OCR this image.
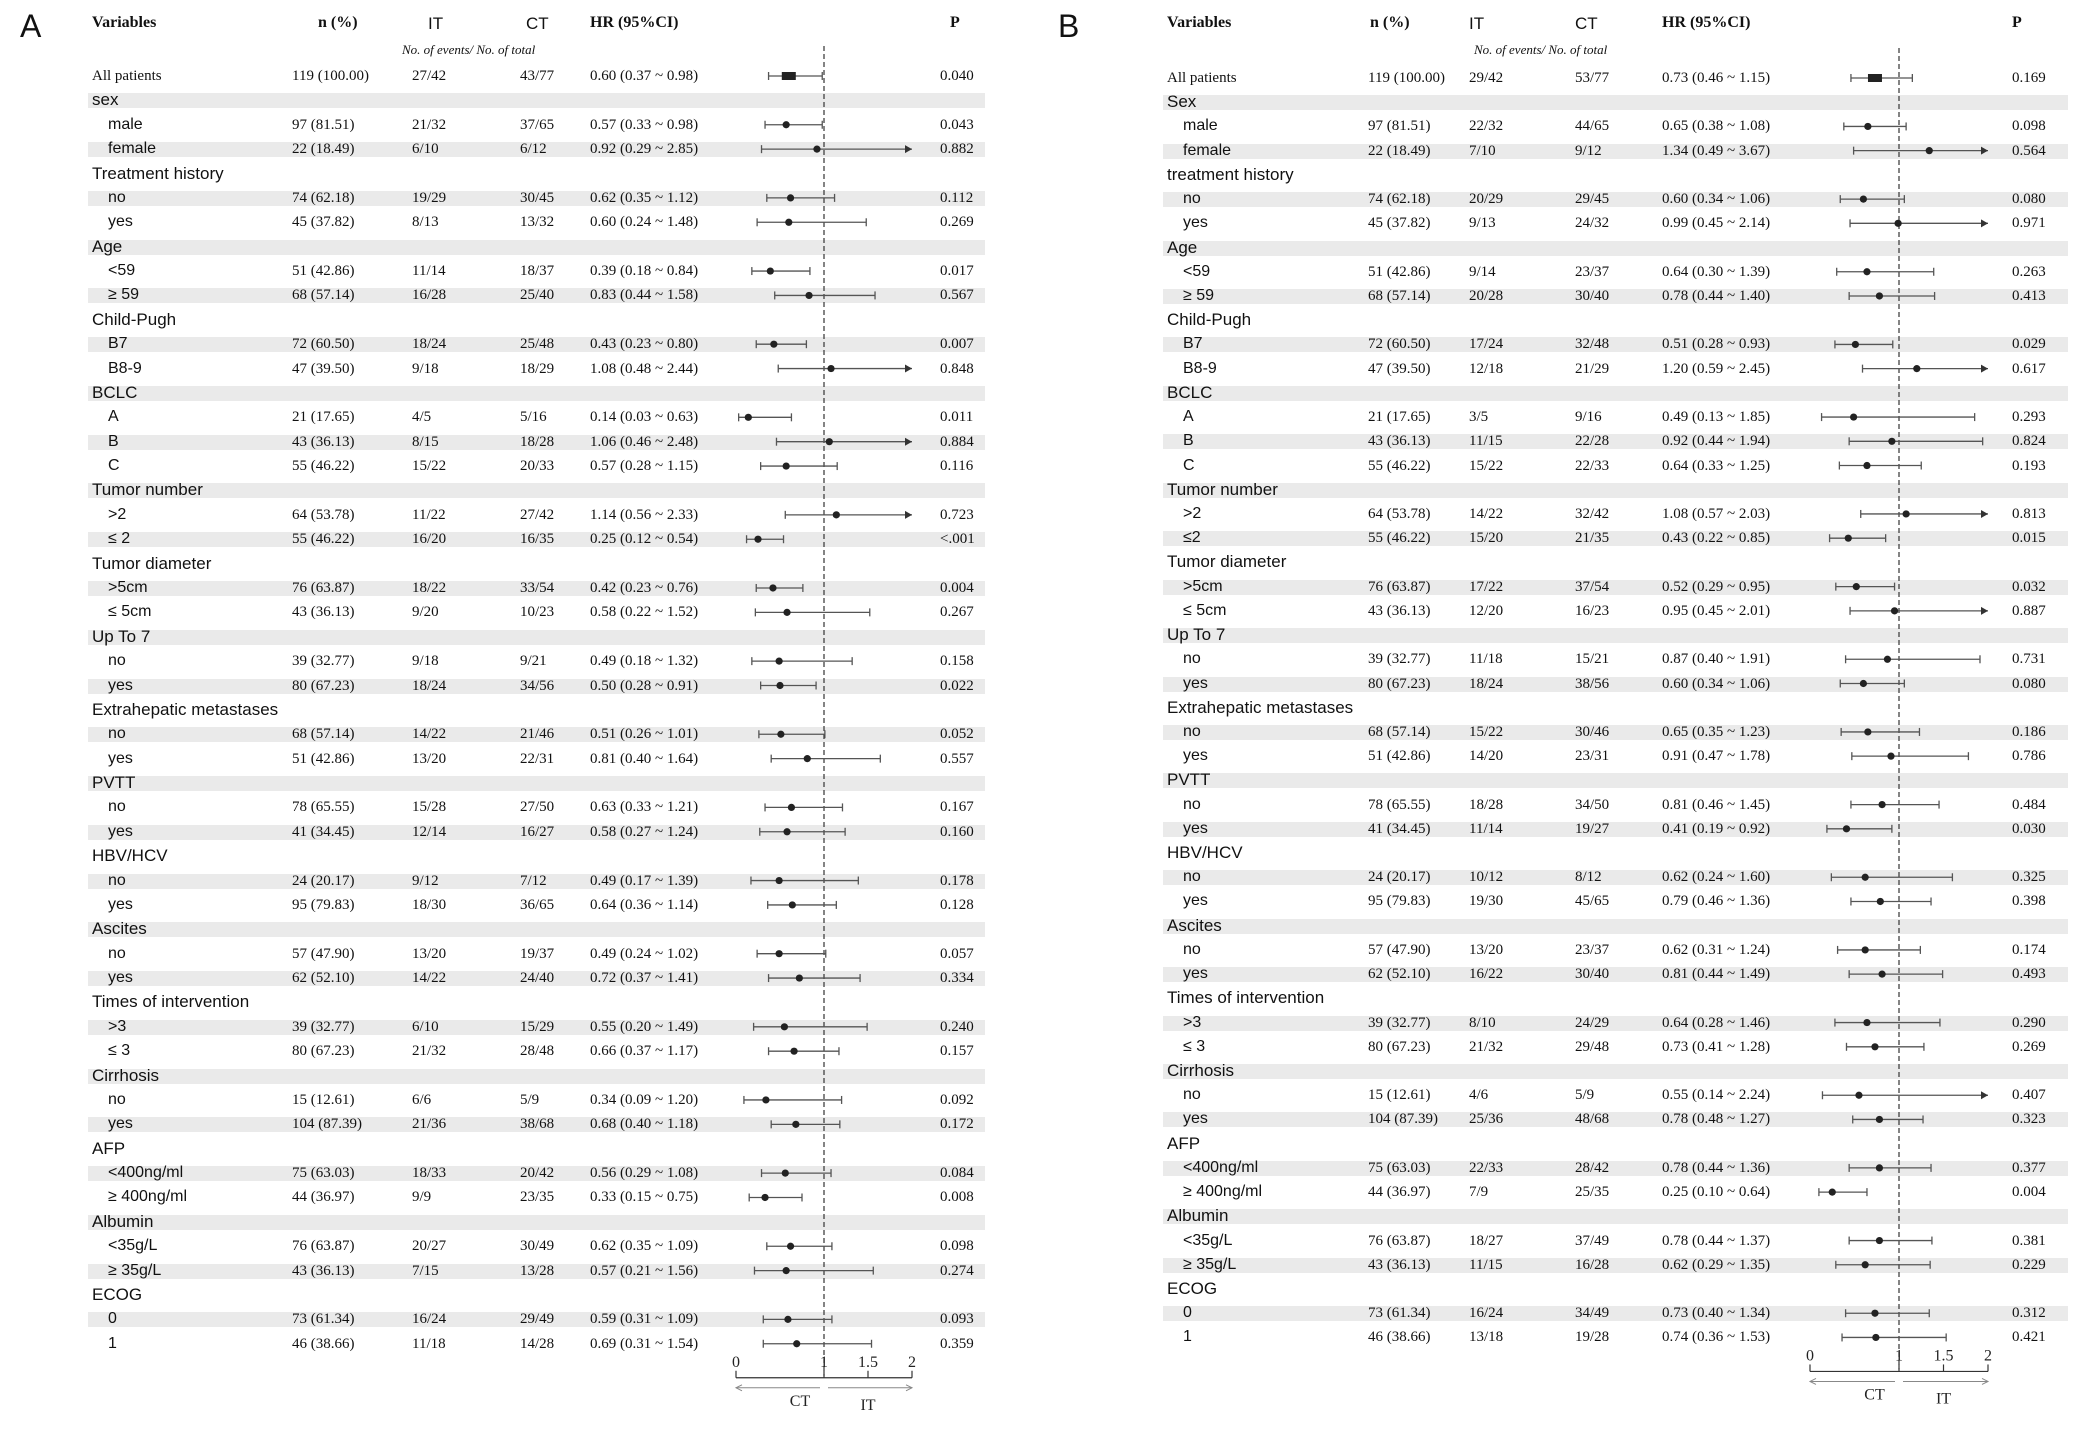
A	Variables	n (%)	IT	CT	HR (95%CI)	P
No. of events/ No. of total
All patients	119 (100.00)	27/42	43/77 0.60 (0.37 ~ 0.98)	0.040
sex
male	97 (81.51)	21/32	37/65 0.57 (0.33 ~ 0.98)	0.043
female	22 (18.49)	6/10	6/12	0.92 (0.29 ~ 2.85)	0.882
Treatment history
no	74 (62.18)	19/29	30/45 0.62 (0.35 ~ 1.12)	0.112
yes	45 (37.82)	8/13	13/32 0.60 (0.24 ~ 1.48)	0.269
Age
<59	51 (42.86)	11/14	18/37 0.39 (0.18 ~ 0.84)	0.017
≥ 59	68 (57.14)	16/28	25/40 0.83 (0.44 ~ 1.58)	0.567
Child-Pugh
B7	72 (60.50)	18/24	25/48 0.43 (0.23 ~ 0.80)	0.007
B8-9	47 (39.50)	9/18	18/29 1.08 (0.48 ~ 2.44)	0.848
BCLC
A	21 (17.65)	4/5	5/16	0.14 (0.03 ~ 0.63)	0.011
B	43 (36.13)	8/15	18/28 1.06 (0.46 ~ 2.48)	0.884
C	55 (46.22)	15/22	20/33 0.57 (0.28 ~ 1.15)	0.116
Tumor number
>2	64 (53.78)	11/22	27/42 1.14 (0.56 ~ 2.33)	0.723
≤ 2	55 (46.22)	16/20	16/35 0.25 (0.12 ~ 0.54)	<.001
Tumor diameter
>5cm	76 (63.87)	18/22	33/54 0.42 (0.23 ~ 0.76)	0.004
≤ 5cm	43 (36.13)	9/20	10/23 0.58 (0.22 ~ 1.52)	0.267
Up To 7
no	39 (32.77)	9/18	9/21	0.49 (0.18 ~ 1.32)	0.158
yes	80 (67.23)	18/24	34/56 0.50 (0.28 ~ 0.91)	0.022
Extrahepatic metastases
no	68 (57.14)	14/22	21/46 0.51 (0.26 ~ 1.01)	0.052
yes	51 (42.86)	13/20	22/31 0.81 (0.40 ~ 1.64)	0.557
PVTT
no	78 (65.55)	15/28	27/50 0.63 (0.33 ~ 1.21)	0.167
yes	41 (34.45)	12/14	16/27 0.58 (0.27 ~ 1.24)	0.160
HBV/HCV
no	24 (20.17)	9/12	7/12	0.49 (0.17 ~ 1.39)	0.178
yes	95 (79.83)	18/30	36/65 0.64 (0.36 ~ 1.14)	0.128
Ascites
no	57 (47.90)	13/20	19/37 0.49 (0.24 ~ 1.02)	0.057
yes	62 (52.10)	14/22	24/40 0.72 (0.37 ~ 1.41)	0.334
Times of intervention
>3	39 (32.77)	6/10	15/29 0.55 (0.20 ~ 1.49)	0.240
≤ 3	80 (67.23)	21/32	28/48 0.66 (0.37 ~ 1.17)	0.157
Cirrhosis
no	15 (12.61)	6/6	5/9	0.34 (0.09 ~ 1.20)	0.092
yes	104 (87.39)	21/36	38/68 0.68 (0.40 ~ 1.18)	0.172
AFP
<400ng/ml	75 (63.03)	18/33	20/42 0.56 (0.29 ~ 1.08)	0.084
≥ 400ng/ml	44 (36.97)	9/9	23/35 0.33 (0.15 ~ 0.75)	0.008
Albumin
<35g/L	76 (63.87)	20/27	30/49 0.62 (0.35 ~ 1.09)	0.098
≥ 35g/L	43 (36.13)	7/15	13/28 0.57 (0.21 ~ 1.56)	0.274
ECOG
0	73 (61.34)	16/24	29/49 0.59 (0.31 ~ 1.09)	0.093
1	46 (38.66)	11/18	14/28 0.69 (0.31 ~ 1.54)	0.359
0	1 1.5 2
CT	IT
B	Variables	n (%)	IT	CT	HR (95%CI)	P
No. of events/ No. of total
All patients	119 (100.00) 29/42	53/77	0.73 (0.46 ~ 1.15)	0.169
Sex
male	97 (81.51)	22/32	44/65	0.65 (0.38 ~ 1.08)	0.098
female	22 (18.49)	7/10	9/12	1.34 (0.49 ~ 3.67)	0.564
treatment history
no	74 (62.18)	20/29	29/45	0.60 (0.34 ~ 1.06)	0.080
yes	45 (37.82)	9/13	24/32	0.99 (0.45 ~ 2.14)	0.971
Age
<59	51 (42.86)	9/14	23/37	0.64 (0.30 ~ 1.39)	0.263
≥ 59	68 (57.14)	20/28	30/40	0.78 (0.44 ~ 1.40)	0.413
Child-Pugh
B7	72 (60.50)	17/24	32/48	0.51 (0.28 ~ 0.93)	0.029
B8-9	47 (39.50)	12/18	21/29	1.20 (0.59 ~ 2.45)	0.617
BCLC
A	21 (17.65)	3/5	9/16	0.49 (0.13 ~ 1.85)	0.293
B	43 (36.13)	11/15	22/28	0.92 (0.44 ~ 1.94)	0.824
C	55 (46.22)	15/22	22/33	0.64 (0.33 ~ 1.25)	0.193
Tumor number
>2	64 (53.78)	14/22	32/42	1.08 (0.57 ~ 2.03)	0.813
≤2	55 (46.22)	15/20	21/35	0.43 (0.22 ~ 0.85)	0.015
Tumor diameter
>5cm	76 (63.87)	17/22	37/54	0.52 (0.29 ~ 0.95)	0.032
≤ 5cm	43 (36.13)	12/20	16/23	0.95 (0.45 ~ 2.01)	0.887
Up To 7
no	39 (32.77)	11/18	15/21	0.87 (0.40 ~ 1.91)	0.731
yes	80 (67.23)	18/24	38/56	0.60 (0.34 ~ 1.06)	0.080
Extrahepatic metastases
no	68 (57.14)	15/22	30/46	0.65 (0.35 ~ 1.23)	0.186
yes	51 (42.86)	14/20	23/31	0.91 (0.47 ~ 1.78)	0.786
PVTT
no	78 (65.55)	18/28	34/50	0.81 (0.46 ~ 1.45)	0.484
yes	41 (34.45)	11/14	19/27	0.41 (0.19 ~ 0.92)	0.030
HBV/HCV
no	24 (20.17)	10/12	8/12	0.62 (0.24 ~ 1.60)	0.325
yes	95 (79.83)	19/30	45/65	0.79 (0.46 ~ 1.36)	0.398
Ascites
no	57 (47.90)	13/20	23/37	0.62 (0.31 ~ 1.24)	0.174
yes	62 (52.10)	16/22	30/40	0.81 (0.44 ~ 1.49)	0.493
Times of intervention
>3	39 (32.77)	8/10	24/29	0.64 (0.28 ~ 1.46)	0.290
≤ 3	80 (67.23)	21/32	29/48	0.73 (0.41 ~ 1.28)	0.269
Cirrhosis
no	15 (12.61)	4/6	5/9	0.55 (0.14 ~ 2.24)	0.407
yes	104 (87.39) 25/36	48/68	0.78 (0.48 ~ 1.27)	0.323
AFP
<400ng/ml	75 (63.03)	22/33	28/42	0.78 (0.44 ~ 1.36)	0.377
≥ 400ng/ml	44 (36.97)	7/9	25/35	0.25 (0.10 ~ 0.64)	0.004
Albumin
<35g/L	76 (63.87)	18/27	37/49	0.78 (0.44 ~ 1.37)	0.381
≥ 35g/L	43 (36.13)	11/15	16/28	0.62 (0.29 ~ 1.35)	0.229
ECOG
0	73 (61.34)	16/24	34/49	0.73 (0.40 ~ 1.34)	0.312
1	46 (38.66)	13/18	19/28	0.74 (0.36 ~ 1.53)	0.421
0	1 1.5 2
CT	IT
